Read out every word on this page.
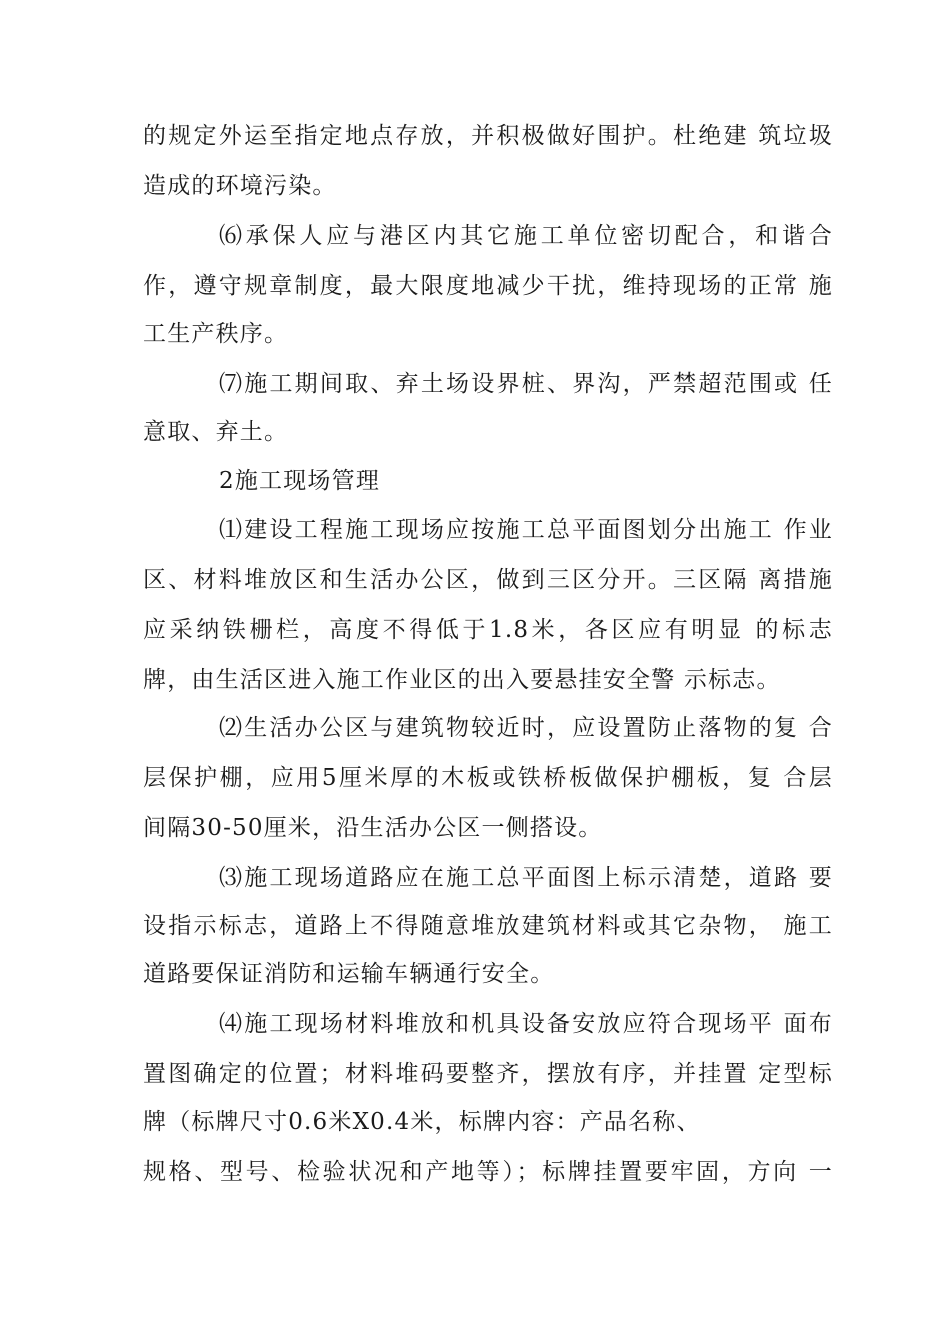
的规定外运至指定地点存放，并积极做好围护。杜绝建 筑垃圾
造成的环境污染。
⑹承保人应与港区内其它施工单位密切配合，和谐合
作，遵守规章制度，最大限度地减少干扰，维持现场的正常 施
工生产秩序。
⑺施工期间取、弃土场设界桩、界沟，严禁超范围或 任
意取、弃土。
2施工现场管理
⑴建设工程施工现场应按施工总平面图划分出施工 作业
区、材料堆放区和生活办公区，做到三区分开。三区隔 离措施
应采纳铁栅栏，高度不得低于1.8米，各区应有明显 的标志
牌，由生活区进入施工作业区的出入要悬挂安全警 示标志。
⑵生活办公区与建筑物较近时，应设置防止落物的复 合
层保护棚，应用5厘米厚的木板或铁桥板做保护棚板，复 合层
间隔30-50厘米，沿生活办公区一侧搭设。
⑶施工现场道路应在施工总平面图上标示清楚，道路 要
设指示标志，道路上不得随意堆放建筑材料或其它杂物， 施工
道路要保证消防和运输车辆通行安全。
⑷施工现场材料堆放和机具设备安放应符合现场平 面布
置图确定的位置；材料堆码要整齐，摆放有序，并挂置 定型标
牌（标牌尺寸0.6米X0.4米，标牌内容：产品名称、
规格、型号、检验状况和产地等）；标牌挂置要牢固，方向 一
